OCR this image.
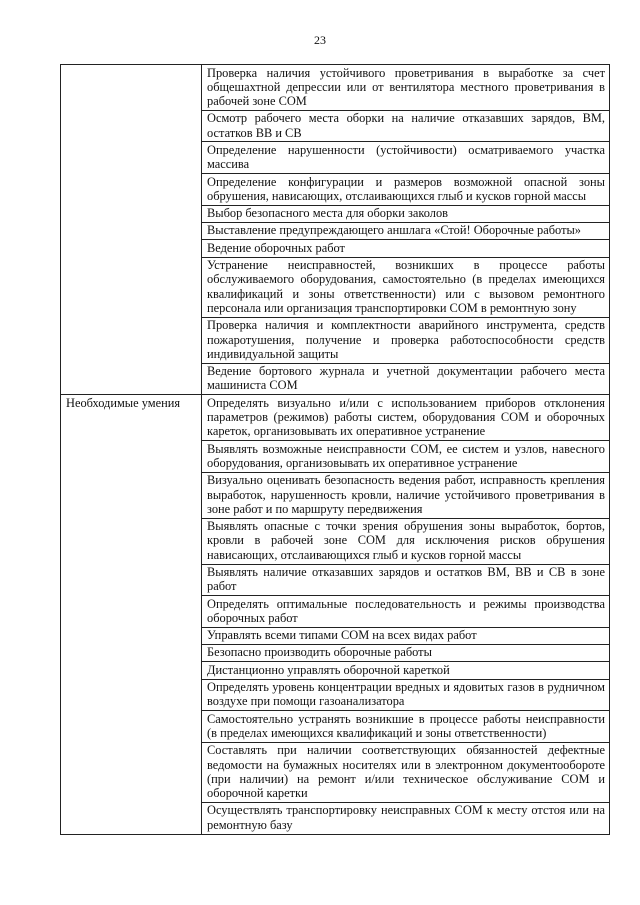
23
	Проверка наличия устойчивого проветривания в выработке за счет общешахтной депрессии или от вентилятора местного проветривания в рабочей зоне СОМ
	Осмотр рабочего места оборки на наличие отказавших зарядов, ВМ, остатков ВВ и СВ
	Определение нарушенности (устойчивости) осматриваемого участка массива
	Определение конфигурации и размеров возможной опасной зоны обрушения, нависающих, отслаивающихся глыб и кусков горной массы
	Выбор безопасного места для оборки заколов
	Выставление предупреждающего аншлага «Стой! Оборочные работы»
	Ведение оборочных работ
	Устранение неисправностей, возникших в процессе работы обслуживаемого оборудования, самостоятельно (в пределах имеющихся квалификаций и зоны ответственности) или с вызовом ремонтного персонала или организация транспортировки СОМ в ремонтную зону
	Проверка наличия и комплектности аварийного инструмента, средств пожаротушения, получение и проверка работоспособности средств индивидуальной защиты
	Ведение бортового журнала и учетной документации рабочего места машиниста СОМ
Необходимые умения	Определять визуально и/или с использованием приборов отклонения параметров (режимов) работы систем, оборудования СОМ и оборочных кареток, организовывать их оперативное устранение
	Выявлять возможные неисправности СОМ, ее систем и узлов, навесного оборудования, организовывать их оперативное устранение
	Визуально оценивать безопасность ведения работ, исправность крепления выработок, нарушенность кровли, наличие устойчивого проветривания в зоне работ и по маршруту передвижения
	Выявлять опасные с точки зрения обрушения зоны выработок, бортов, кровли в рабочей зоне СОМ для исключения рисков обрушения нависающих, отслаивающихся глыб и кусков горной массы
	Выявлять наличие отказавших зарядов и остатков ВМ, ВВ и СВ в зоне работ
	Определять оптимальные последовательность и режимы производства оборочных работ
	Управлять всеми типами СОМ на всех видах работ
	Безопасно производить оборочные работы
	Дистанционно управлять оборочной кареткой
	Определять уровень концентрации вредных и ядовитых газов в рудничном воздухе при помощи газоанализатора
	Самостоятельно устранять возникшие в процессе работы неисправности (в пределах имеющихся квалификаций и зоны ответственности)
	Составлять при наличии соответствующих обязанностей дефектные ведомости на бумажных носителях или в электронном документообороте (при наличии) на ремонт и/или техническое обслуживание СОМ и оборочной каретки
	Осуществлять транспортировку неисправных СОМ к месту отстоя или на ремонтную базу
